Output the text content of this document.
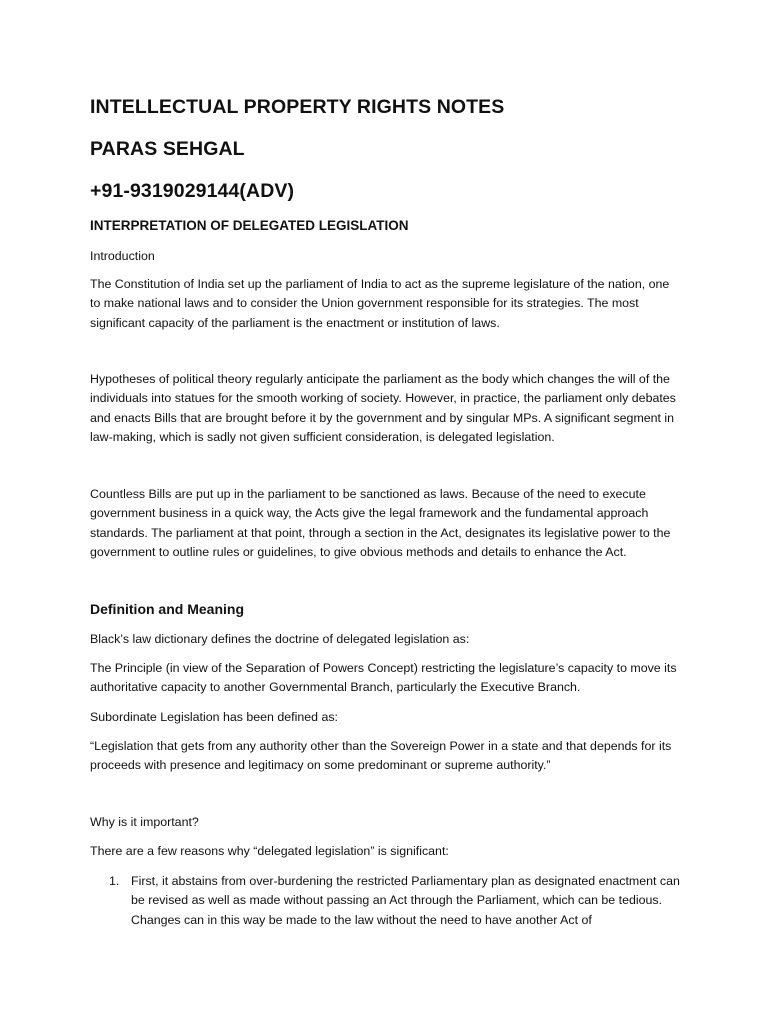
INTELLECTUAL PROPERTY RIGHTS NOTES
PARAS SEHGAL
+91-9319029144(ADV)
INTERPRETATION OF DELEGATED LEGISLATION
Introduction
The Constitution of India set up the parliament of India to act as the supreme legislature of the nation, one to make national laws and to consider the Union government responsible for its strategies. The most significant capacity of the parliament is the enactment or institution of laws.
Hypotheses of political theory regularly anticipate the parliament as the body which changes the will of the individuals into statues for the smooth working of society. However, in practice, the parliament only debates and enacts Bills that are brought before it by the government and by singular MPs. A significant segment in law-making, which is sadly not given sufficient consideration, is delegated legislation.
Countless Bills are put up in the parliament to be sanctioned as laws. Because of the need to execute government business in a quick way, the Acts give the legal framework and the fundamental approach standards. The parliament at that point, through a section in the Act, designates its legislative power to the government to outline rules or guidelines, to give obvious methods and details to enhance the Act.
Definition and Meaning
Black’s law dictionary defines the doctrine of delegated legislation as:
The Principle (in view of the Separation of Powers Concept) restricting the legislature’s capacity to move its authoritative capacity to another Governmental Branch, particularly the Executive Branch.
Subordinate Legislation has been defined as:
“Legislation that gets from any authority other than the Sovereign Power in a state and that depends for its proceeds with presence and legitimacy on some predominant or supreme authority.”
Why is it important?
There are a few reasons why “delegated legislation” is significant:
1. First, it abstains from over-burdening the restricted Parliamentary plan as designated enactment can be revised as well as made without passing an Act through the Parliament, which can be tedious. Changes can in this way be made to the law without the need to have another Act of
